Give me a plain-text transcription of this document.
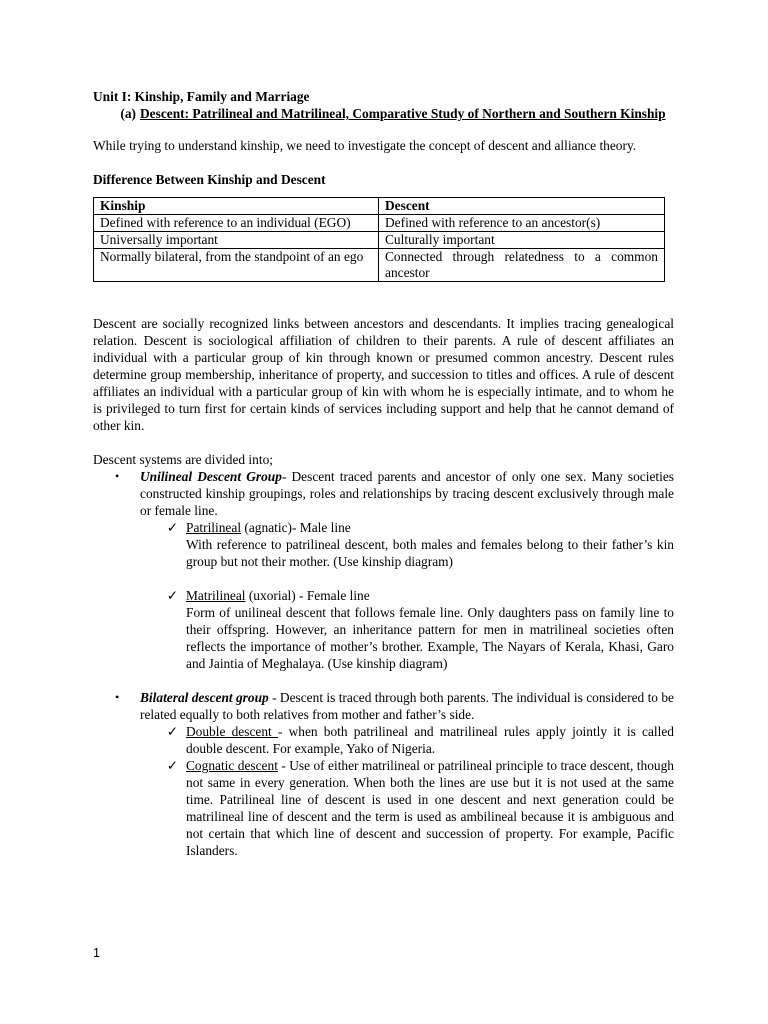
Unit I: Kinship, Family and Marriage
(a) Descent: Patrilineal and Matrilineal, Comparative Study of Northern and Southern Kinship
While trying to understand kinship, we need to investigate the concept of descent and alliance theory.
Difference Between Kinship and Descent
Kinship	Descent
Defined with reference to an individual (EGO)	Defined with reference to an ancestor(s)
Universally important	Culturally important
Normally bilateral, from the standpoint of an ego	Connected through relatedness to a common ancestor
Descent are socially recognized links between ancestors and descendants. It implies tracing genealogical relation. Descent is sociological affiliation of children to their parents. A rule of descent affiliates an individual with a particular group of kin through known or presumed common ancestry. Descent rules determine group membership, inheritance of property, and succession to titles and offices. A rule of descent affiliates an individual with a particular group of kin with whom he is especially intimate, and to whom he is privileged to turn first for certain kinds of services including support and help that he cannot demand of other kin.
Descent systems are divided into;
•	Unilineal Descent Group- Descent traced parents and ancestor of only one sex. Many societies constructed kinship groupings, roles and relationships by tracing descent exclusively through male or female line.
✓ Patrilineal (agnatic)- Male line
With reference to patrilineal descent, both males and females belong to their father’s kin group but not their mother. (Use kinship diagram)
✓ Matrilineal (uxorial) - Female line
Form of unilineal descent that follows female line. Only daughters pass on family line to their offspring. However, an inheritance pattern for men in matrilineal societies often reflects the importance of mother’s brother. Example, The Nayars of Kerala, Khasi, Garo and Jaintia of Meghalaya. (Use kinship diagram)
•	Bilateral descent group - Descent is traced through both parents. The individual is considered to be related equally to both relatives from mother and father’s side.
✓ Double descent - when both patrilineal and matrilineal rules apply jointly it is called double descent. For example, Yako of Nigeria.
✓ Cognatic descent - Use of either matrilineal or patrilineal principle to trace descent, though not same in every generation. When both the lines are use but it is not used at the same time. Patrilineal line of descent is used in one descent and next generation could be matrilineal line of descent and the term is used as ambilineal because it is ambiguous and not certain that which line of descent and succession of property. For example, Pacific Islanders.
1
